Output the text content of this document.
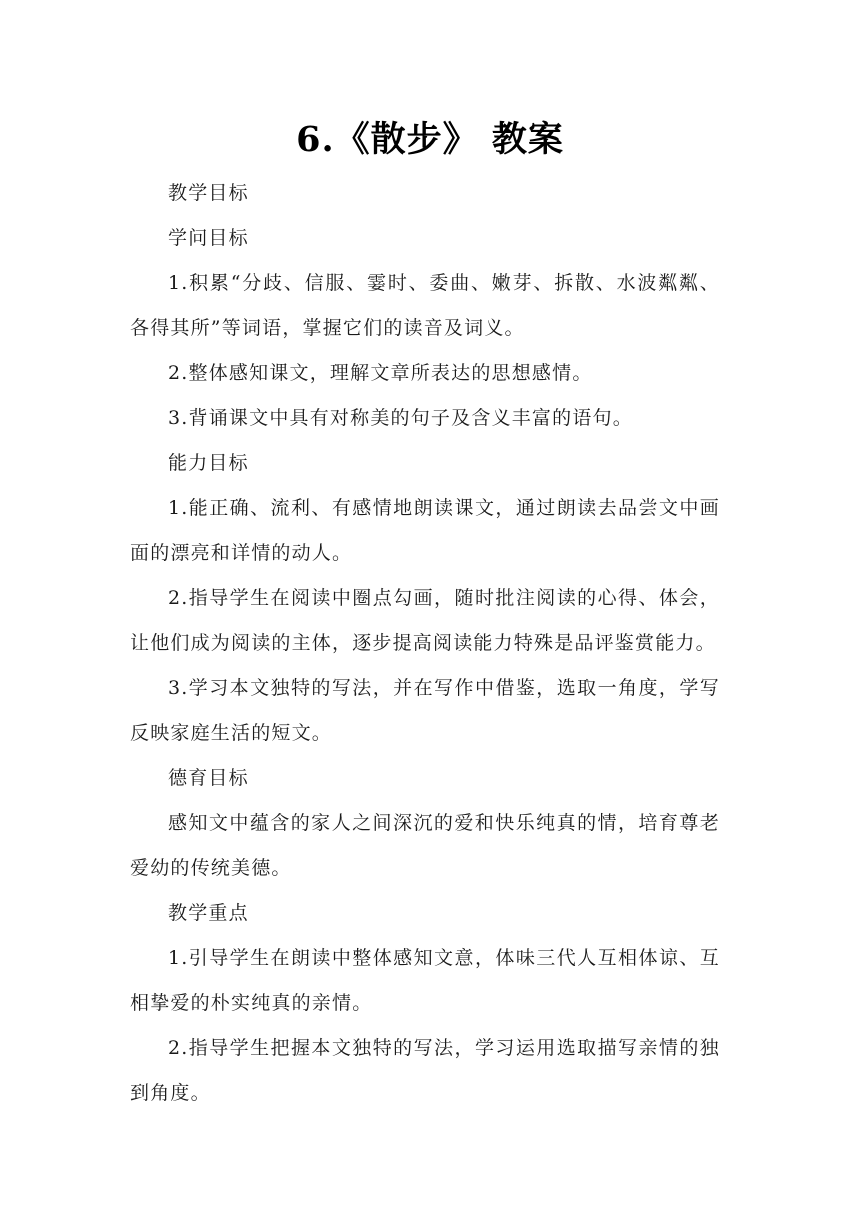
6.《散步》 教案

教学目标

学问目标

1.积累“分歧、信服、霎时、委曲、嫩芽、拆散、水波粼粼、各得其所”等词语，掌握它们的读音及词义。

2.整体感知课文，理解文章所表达的思想感情。

3.背诵课文中具有对称美的句子及含义丰富的语句。

能力目标

1.能正确、流利、有感情地朗读课文，通过朗读去品尝文中画面的漂亮和详情的动人。

2.指导学生在阅读中圈点勾画，随时批注阅读的心得、体会，让他们成为阅读的主体，逐步提高阅读能力特殊是品评鉴赏能力。

3.学习本文独特的写法，并在写作中借鉴，选取一角度，学写反映家庭生活的短文。

德育目标

感知文中蕴含的家人之间深沉的爱和快乐纯真的情，培育尊老爱幼的传统美德。

教学重点

1.引导学生在朗读中整体感知文意，体味三代人互相体谅、互相挚爱的朴实纯真的亲情。

2.指导学生把握本文独特的写法，学习运用选取描写亲情的独到角度。
